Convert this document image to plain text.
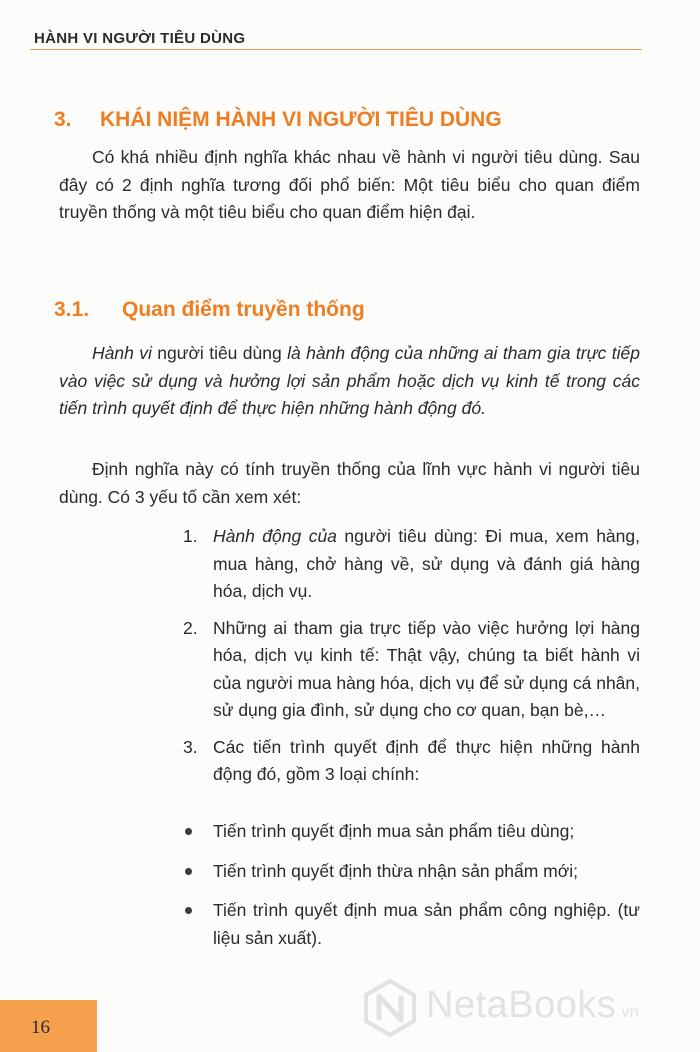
HÀNH VI NGƯỜI TIÊU DÙNG
3. KHÁI NIỆM HÀNH VI NGƯỜI TIÊU DÙNG

Có khá nhiều định nghĩa khác nhau về hành vi người tiêu dùng. Sau đây có 2 định nghĩa tương đối phổ biến: Một tiêu biểu cho quan điểm truyền thống và một tiêu biểu cho quan điểm hiện đại.

3.1. Quan điểm truyền thống

Hành vi người tiêu dùng là hành động của những ai tham gia trực tiếp vào việc sử dụng và hưởng lợi sản phẩm hoặc dịch vụ kinh tế trong các tiến trình quyết định để thực hiện những hành động đó.

Định nghĩa này có tính truyền thống của lĩnh vực hành vi người tiêu dùng. Có 3 yếu tố cần xem xét:

1. Hành động của người tiêu dùng: Đi mua, xem hàng, mua hàng, chở hàng về, sử dụng và đánh giá hàng hóa, dịch vụ.
2. Những ai tham gia trực tiếp vào việc hưởng lợi hàng hóa, dịch vụ kinh tế: Thật vậy, chúng ta biết hành vi của người mua hàng hóa, dịch vụ để sử dụng cá nhân, sử dụng gia đình, sử dụng cho cơ quan, bạn bè,…
3. Các tiến trình quyết định để thực hiện những hành động đó, gồm 3 loại chính:
Tiến trình quyết định mua sản phẩm tiêu dùng;
Tiến trình quyết định thừa nhận sản phẩm mới;
Tiến trình quyết định mua sản phẩm công nghiệp. (tư liệu sản xuất).
16
NetaBooks.vn
